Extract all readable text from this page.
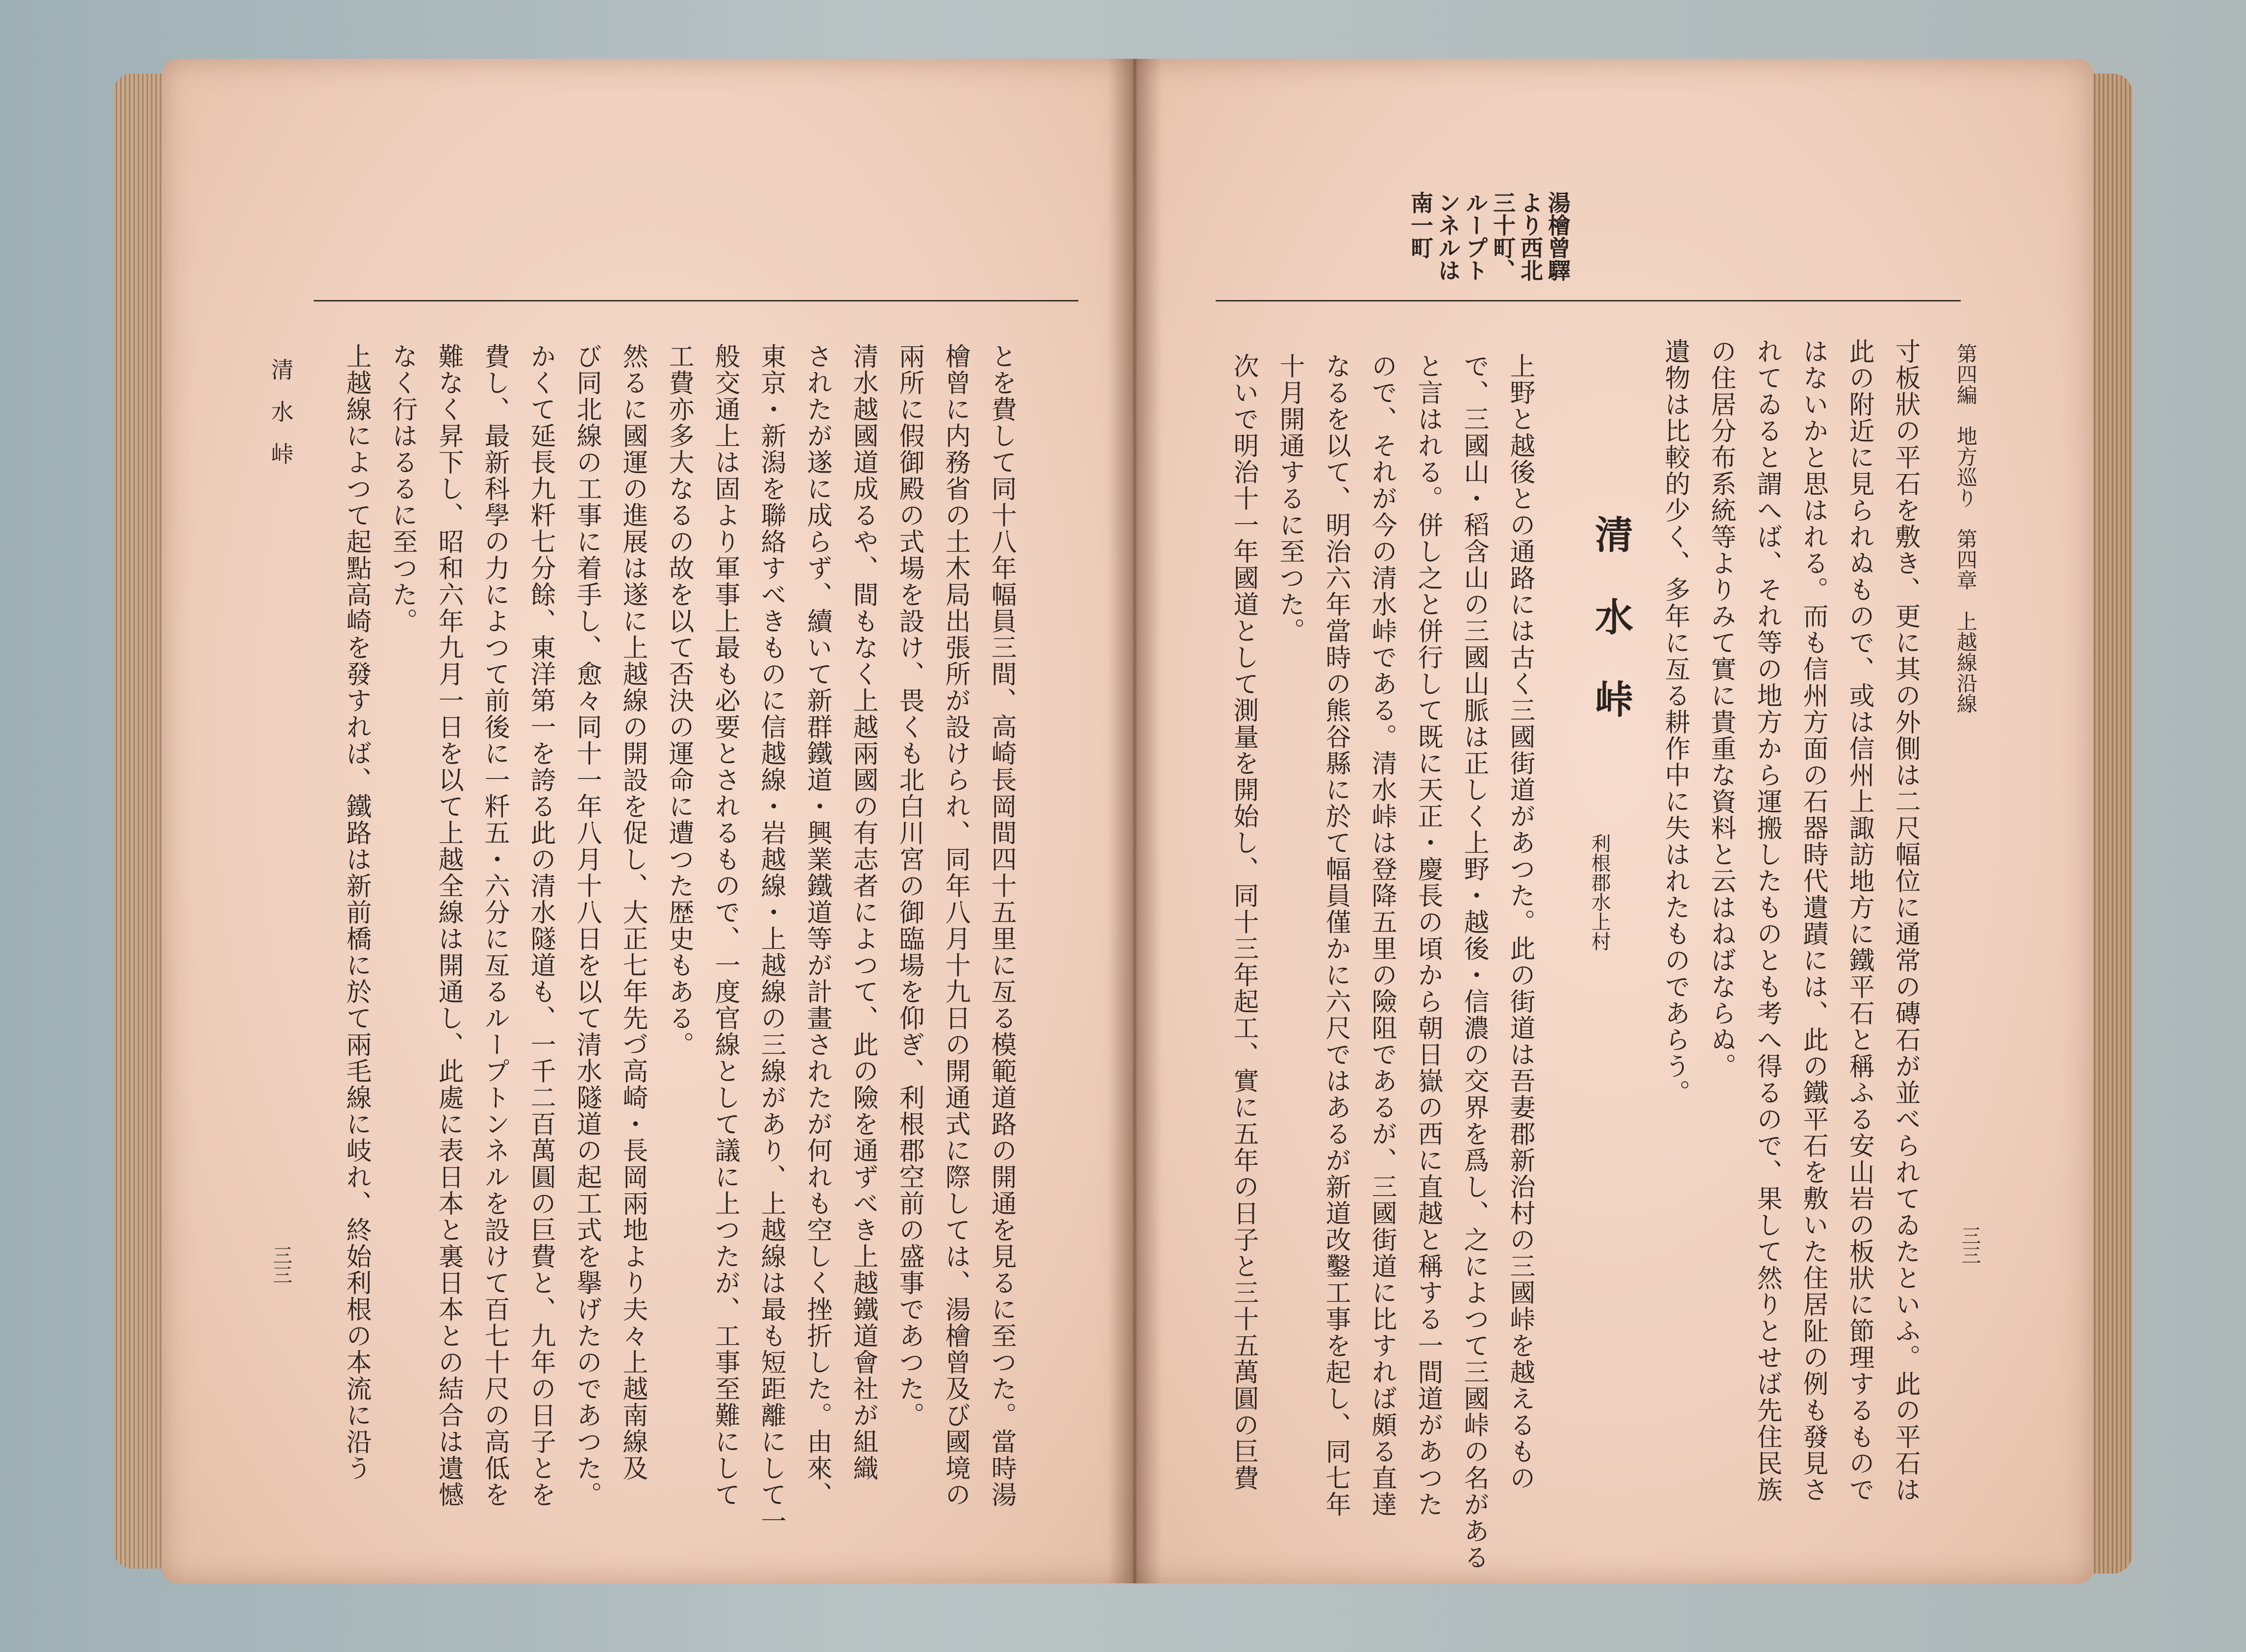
第四編　地方巡り　第四章　上越線沿線
三三
湯檜曾驛
より西北
三十町、
ループト
ンネルは
南一町
寸板狀の平石を敷き、更に其の外側は二尺幅位に通常の磚石が並べられてゐたといふ。此の平石は
此の附近に見られぬもので、或は信州上諏訪地方に鐵平石と稱ふる安山岩の板狀に節理するもので
はないかと思はれる。而も信州方面の石器時代遺蹟には、此の鐵平石を敷いた住居阯の例も發見さ
れてゐると謂へば、それ等の地方から運搬したものとも考へ得るので、果して然りとせば先住民族
の住居分布系統等よりみて實に貴重な資料と云はねばならぬ。
遺物は比較的少く、多年に亙る耕作中に失はれたものであらう。
清水峠
利根郡水上村
上野と越後との通路には古く三國街道があつた。此の街道は吾妻郡新治村の三國峠を越えるもの
で、三國山・稻含山の三國山脈は正しく上野・越後・信濃の交界を爲し、之によつて三國峠の名がある
と言はれる。併し之と併行して既に天正・慶長の頃から朝日嶽の西に直越と稱する一間道があつた
ので、それが今の清水峠である。清水峠は登降五里の險阻であるが、三國街道に比すれば頗る直達
なるを以て、明治六年當時の熊谷縣に於て幅員僅かに六尺ではあるが新道改鑿工事を起し、同七年
十月開通するに至つた。
次いで明治十一年國道として測量を開始し、同十三年起工、實に五年の日子と三十五萬圓の巨費
とを費して同十八年幅員三間、高崎長岡間四十五里に亙る模範道路の開通を見るに至つた。當時湯
檜曾に内務省の土木局出張所が設けられ、同年八月十九日の開通式に際しては、湯檜曾及び國境の
兩所に假御殿の式場を設け、畏くも北白川宮の御臨場を仰ぎ、利根郡空前の盛事であつた。
清水越國道成るや、間もなく上越兩國の有志者によつて、此の險を通ずべき上越鐵道會社が組織
されたが遂に成らず、續いて新群鐵道・興業鐵道等が計畫されたが何れも空しく挫折した。由來、
東京・新潟を聯絡すべきものに信越線・岩越線・上越線の三線があり、上越線は最も短距離にして一
般交通上は固より軍事上最も必要とされるもので、一度官線として議に上つたが、工事至難にして
工費亦多大なるの故を以て否決の運命に遭つた歴史もある。
然るに國運の進展は遂に上越線の開設を促し、大正七年先づ高崎・長岡兩地より夫々上越南線及
び同北線の工事に着手し、愈々同十一年八月十八日を以て清水隧道の起工式を擧げたのであつた。
かくて延長九粁七分餘、東洋第一を誇る此の清水隧道も、一千二百萬圓の巨費と、九年の日子とを
費し、最新科學の力によつて前後に一粁五・六分に亙るループトンネルを設けて百七十尺の高低を
難なく昇下し、昭和六年九月一日を以て上越全線は開通し、此處に表日本と裏日本との結合は遺憾
なく行はるるに至つた。
上越線によつて起點高崎を發すれば、鐵路は新前橋に於て兩毛線に岐れ、終始利根の本流に沿う
清水峠
三三
